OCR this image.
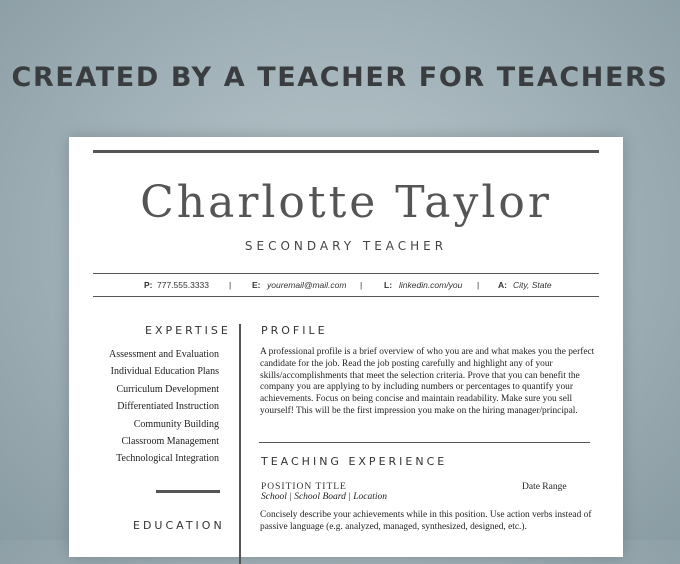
CREATED BY A TEACHER FOR TEACHERS
Charlotte Taylor
SECONDARY TEACHER
P: 777.555.3333 | E: youremail@mail.com |	L: linkedin.com/you | A: City, State
EXPERTISE
Assessment and Evaluation
Individual Education Plans
Curriculum Development
Differentiated Instruction
Community Building
Classroom Management
Technological Integration
EDUCATION
PROFILE
A professional profile is a brief overview of who you are and what makes you the perfect candidate for the job. Read the job posting carefully and highlight any of your skills/accomplishments that meet the selection criteria. Prove that you can benefit the company you are applying to by including numbers or percentages to quantify your achievements. Focus on being concise and maintain readability. Make sure you sell yourself! This will be the first impression you make on the hiring manager/principal.
TEACHING EXPERIENCE
POSITION TITLE	Date Range
School | School Board | Location
Concisely describe your achievements while in this position. Use action verbs instead of passive language (e.g. analyzed, managed, synthesized, designed, etc.).
